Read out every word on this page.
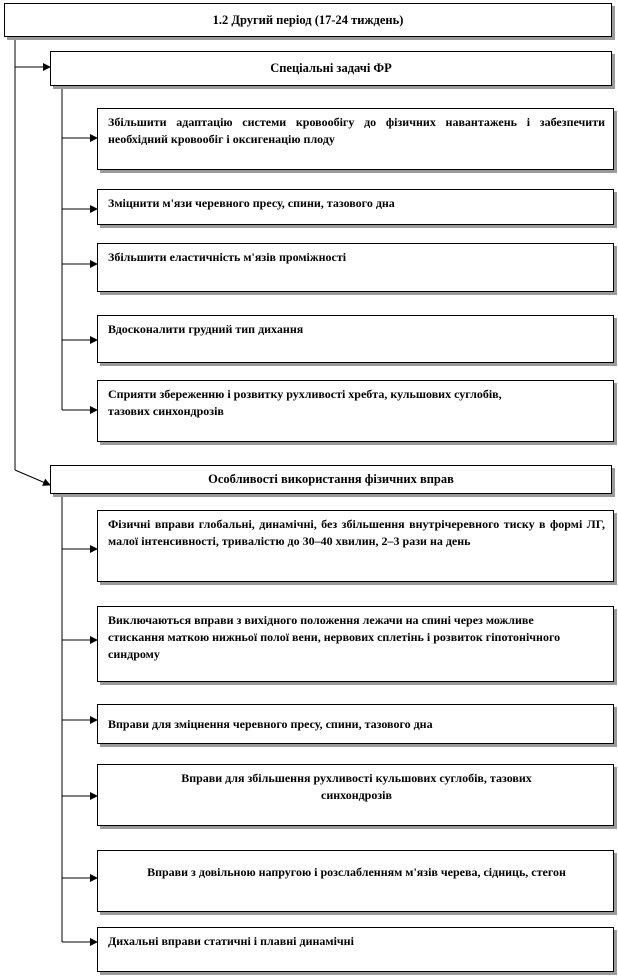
1.2 Другий період (17-24 тиждень)
Спеціальні задачі ФР
Збільшити адаптацію системи кровообігу до фізичних навантажень і забезпечити необхідний кровообіг і оксигенацію плоду
Зміцнити м'язи черевного пресу, спини, тазового дна
Збільшити еластичність м'язів проміжності
Вдосконалити грудний тип дихання
Сприяти збереженню і розвитку рухливості хребта, кульшових суглобів, тазових синхондрозів
Особливості використання фізичних вправ
Фізичні вправи глобальні, динамічні, без збільшення внутрічеревного тиску в формі ЛГ, малої інтенсивності, тривалістю до 30–40 хвилин, 2–3 рази на день
Виключаються вправи з вихідного положення лежачи на спині через можливе стискання маткою нижньої полої вени, нервових сплетінь і розвиток гіпотонічного синдрому
Вправи для зміцнення черевного пресу, спини, тазового дна
Вправи для збільшення рухливості кульшових суглобів, тазових синхондрозів
Вправи з довільною напругою і розслабленням м'язів черева, сідниць, стегон
Дихальні вправи статичні і плавні динамічні
